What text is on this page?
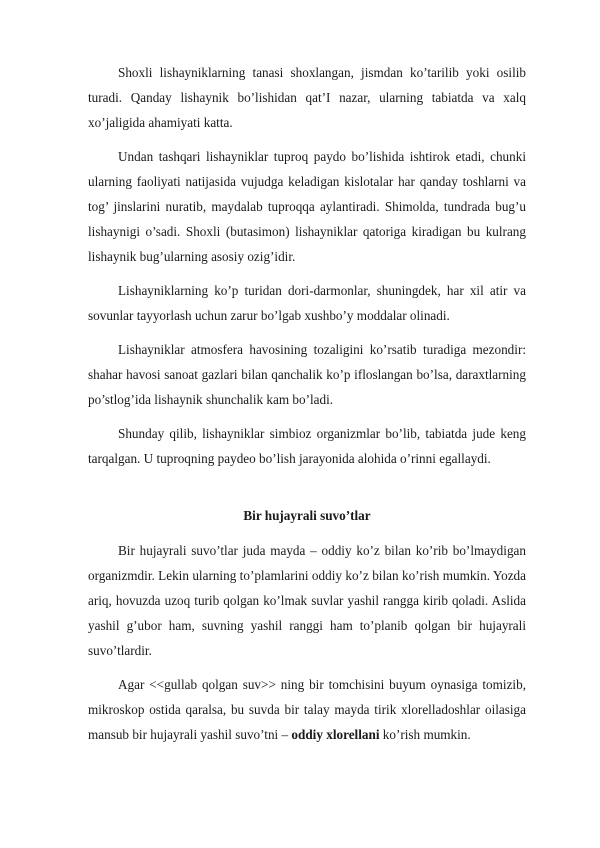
Shoxli lishayniklarning tanasi shoxlangan, jismdan ko’tarilib yoki osilib turadi. Qanday lishaynik bo’lishidan qat’I nazar, ularning tabiatda va xalq xo’jaligida ahamiyati katta.

Undan tashqari lishayniklar tuproq paydo bo’lishida ishtirok etadi, chunki ularning faoliyati natijasida vujudga keladigan kislotalar har qanday toshlarni va tog’ jinslarini nuratib, maydalab tuproqqa aylantiradi. Shimolda, tundrada bug’u lishaynigi o’sadi. Shoxli (butasimon) lishayniklar qatoriga kiradigan bu kulrang lishaynik bug’ularning asosiy ozig’idir.

Lishayniklarning ko’p turidan dori-darmonlar, shuningdek, har xil atir va sovunlar tayyorlash uchun zarur bo’lgab xushbo’y moddalar olinadi.

Lishayniklar atmosfera havosining tozaligini ko’rsatib turadiga mezondir: shahar havosi sanoat gazlari bilan qanchalik ko’p ifloslangan bo’lsa, daraxtlarning po’stlog’ida lishaynik shunchalik kam bo’ladi.

Shunday qilib, lishayniklar simbioz organizmlar bo’lib, tabiatda jude keng tarqalgan. U tuproqning paydeo bo’lish jarayonida alohida o’rinni egallaydi.

Bir hujayrali suvo’tlar

Bir hujayrali suvo’tlar juda mayda – oddiy ko’z bilan ko’rib bo’lmaydigan organizmdir. Lekin ularning to’plamlarini oddiy ko’z bilan ko’rish mumkin. Yozda ariq, hovuzda uzoq turib qolgan ko’lmak suvlar yashil rangga kirib qoladi. Aslida yashil g’ubor ham, suvning yashil ranggi ham to’planib qolgan bir hujayrali suvo’tlardir.

Agar <<gullab qolgan suv>> ning bir tomchisini buyum oynasiga tomizib, mikroskop ostida qaralsa, bu suvda bir talay mayda tirik xlorelladoshlar oilasiga mansub bir hujayrali yashil suvo’tni – oddiy xlorellani ko’rish mumkin.
